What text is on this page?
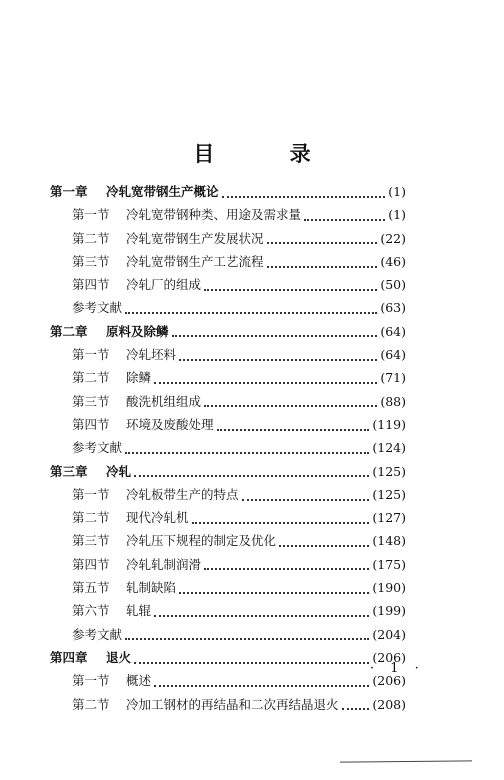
目 录
第一章	冷轧宽带钢生产概论	(1)
第一节	冷轧宽带钢种类、用途及需求量	(1)
第二节	冷轧宽带钢生产发展状况	(22)
第三节	冷轧宽带钢生产工艺流程	(46)
第四节	冷轧厂的组成	(50)
参考文献	(63)
第二章	原料及除鳞	(64)
第一节	冷轧坯料	(64)
第二节	除鳞	(71)
第三节	酸洗机组组成	(88)
第四节	环境及废酸处理	(119)
参考文献	(124)
第三章	冷轧	(125)
第一节	冷轧板带生产的特点	(125)
第二节	现代冷轧机	(127)
第三节	冷轧压下规程的制定及优化	(148)
第四节	冷轧轧制润滑	(175)
第五节	轧制缺陷	(190)
第六节	轧辊	(199)
参考文献	(204)
第四章	退火	(206)
第一节	概述	(206)
第二节	冷加工钢材的再结晶和二次再结晶退火	(208)
· 1 ·
